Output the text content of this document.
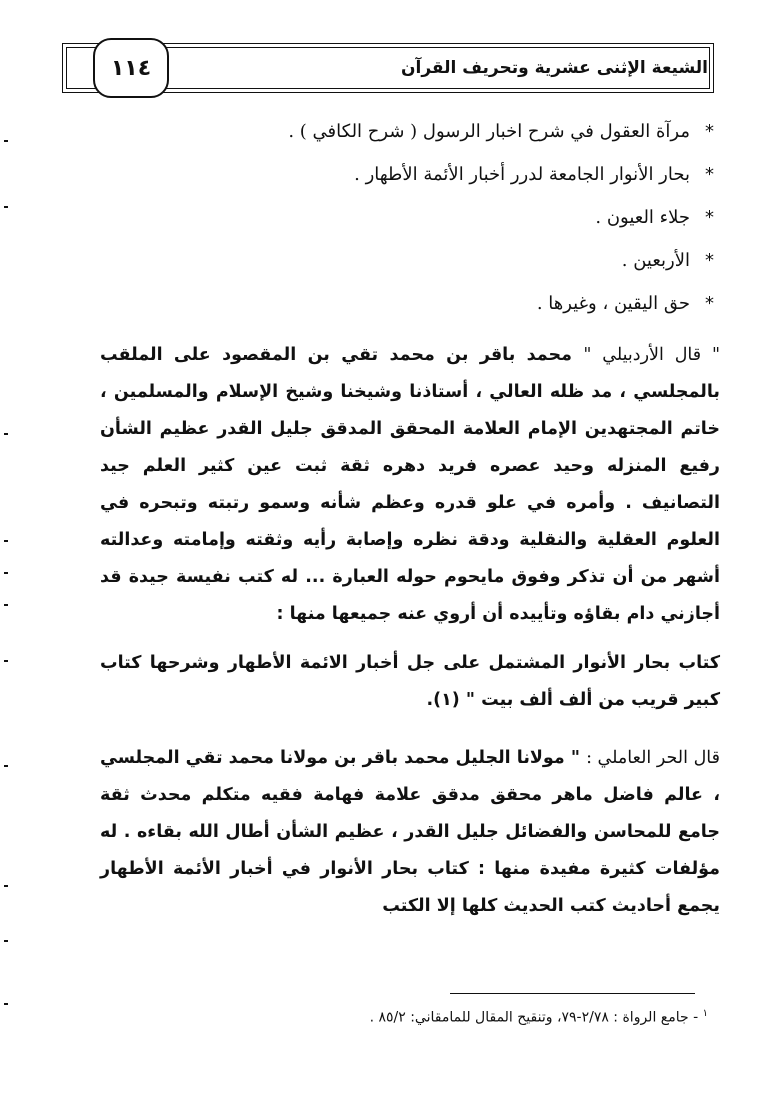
١١٤	الشيعة الإثنى عشرية وتحريف القرآن
*
مرآة العقول في شرح اخبار الرسول ( شرح الكافي ) .
*
بحار الأنوار الجامعة لدرر أخبار الأئمة الأطهار .
*
جلاء العيون .
*
الأربعين .
*
حق اليقين ، وغيرها .
" قال الأردبيلي " محمد باقر بن محمد تقي بن المقصود على الملقب بالمجلسي ، مد ظله العالي ، أستاذنا وشيخنا وشيخ الإسلام والمسلمين ، خاتم المجتهدين الإمام العلامة المحقق المدقق جليل القدر عظيم الشأن رفيع المنزله وحيد عصره فريد دهره ثقة ثبت عين كثير العلم جيد التصانيف . وأمره في علو قدره وعظم شأنه وسمو رتبته وتبحره في العلوم العقلية والنقلية ودقة نظره وإصابة رأيه وثقته وإمامته وعدالته أشهر من أن تذكر وفوق مايحوم حوله العبارة ... له كتب نفيسة جيدة قد أجازني دام بقاؤه وتأييده أن أروي عنه جميعها منها :
كتاب بحار الأنوار المشتمل على جل أخبار الائمة الأطهار وشرحها كتاب كبير قريب من ألف ألف بيت " (١).
قال الحر العاملي : " مولانا الجليل محمد باقر بن مولانا محمد تقي المجلسي ، عالم فاضل ماهر محقق مدقق علامة فهامة فقيه متكلم محدث ثقة جامع للمحاسن والفضائل جليل القدر ، عظيم الشأن أطال الله بقاءه . له مؤلفات كثيرة مفيدة منها : كتاب بحار الأنوار في أخبار الأئمة الأطهار يجمع أحاديث كتب الحديث كلها إلا الكتب
$^١$ - جامع الرواة : ٢/٧٨-٧٩، وتنقيح المقال للمامقاني: ٨٥/٢ .
